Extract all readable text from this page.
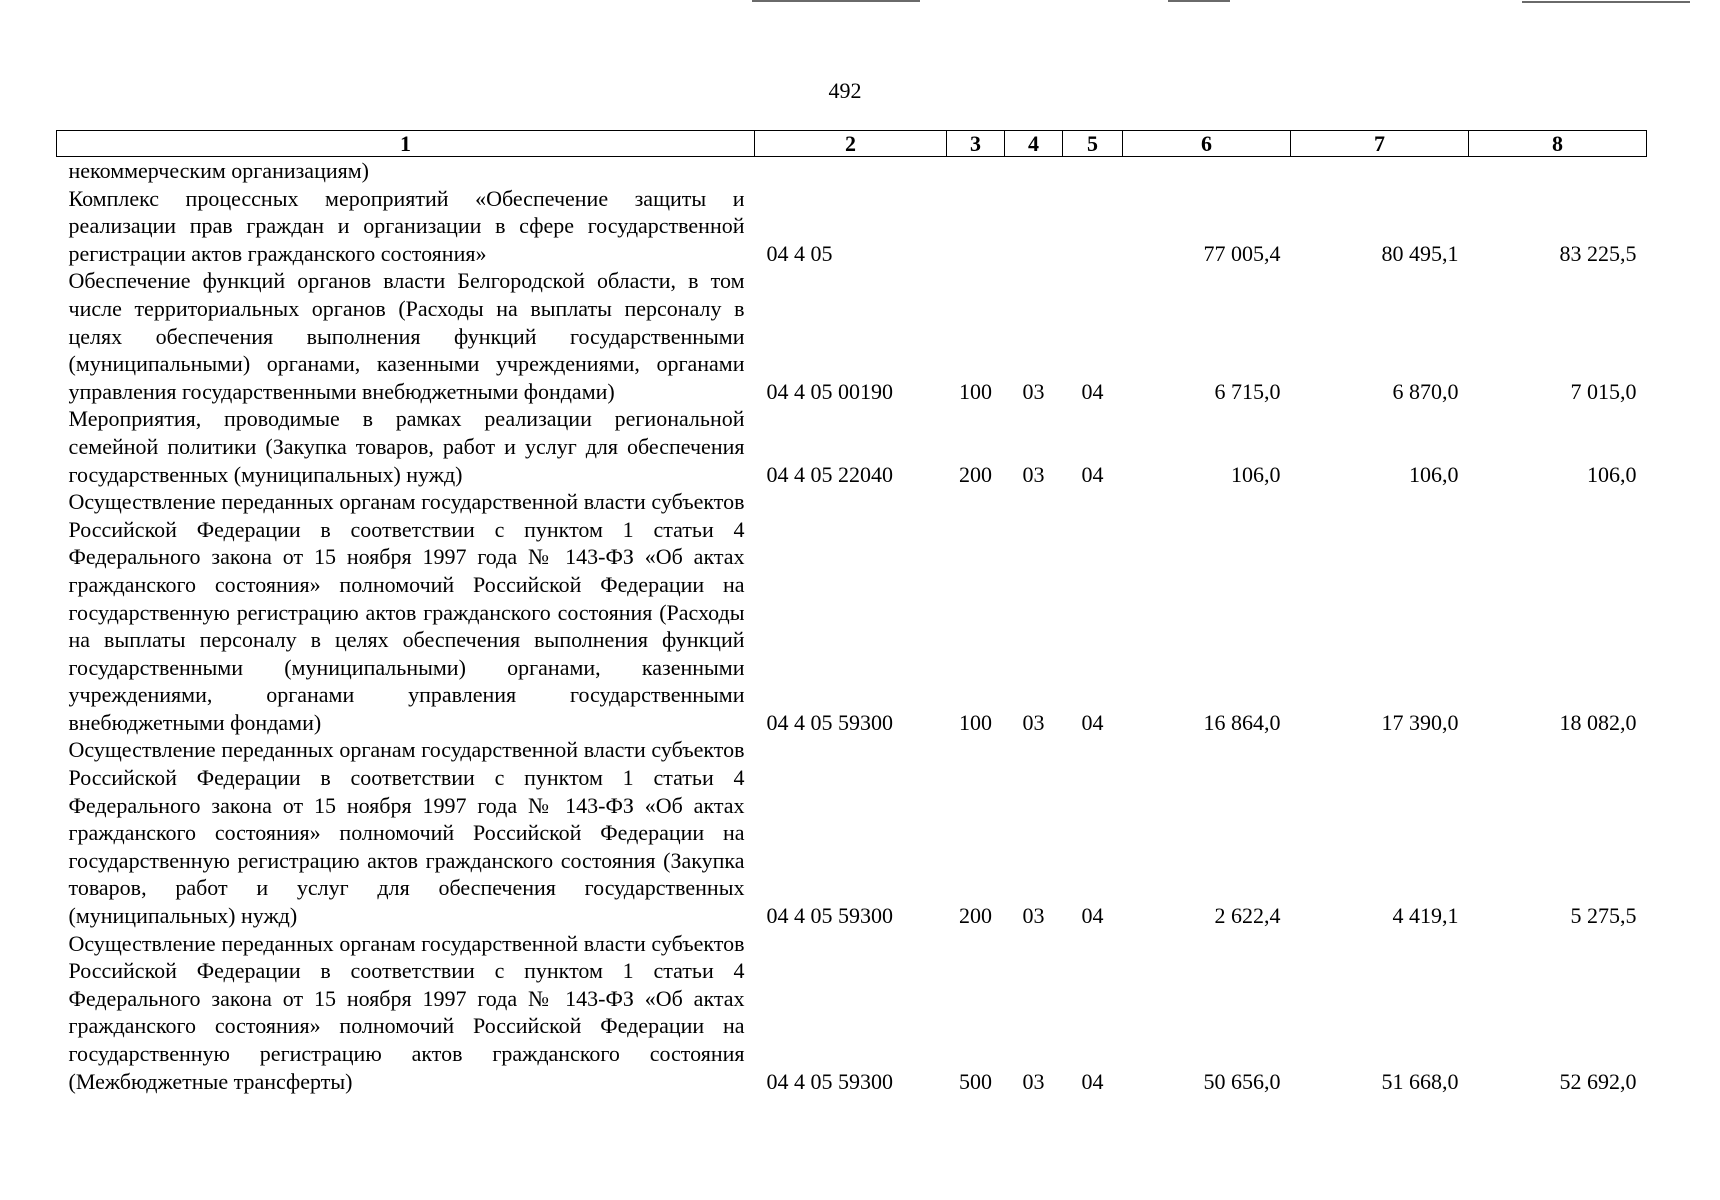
492
1	2	3	4	5	6	7	8
некоммерческим организациям)							
Комплекс процессных мероприятий «Обеспечение защиты и реализации прав граждан и организации в сфере государственной регистрации актов гражданского состояния»	04 4 05				77 005,4	80 495,1	83 225,5
Обеспечение функций органов власти Белгородской области, в том числе территориальных органов (Расходы на выплаты персоналу в целях обеспечения выполнения функций государственными (муниципальными) органами, казенными учреждениями, органами управления государственными внебюджетными фондами)	04 4 05 00190	100	03	04	6 715,0	6 870,0	7 015,0
Мероприятия, проводимые в рамках реализации региональной семейной политики (Закупка товаров, работ и услуг для обеспечения государственных (муниципальных) нужд)	04 4 05 22040	200	03	04	106,0	106,0	106,0
Осуществление переданных органам государственной власти субъектов Российской Федерации в соответствии с пунктом 1 статьи 4 Федерального закона от 15 ноября 1997 года № 143-ФЗ «Об актах гражданского состояния» полномочий Российской Федерации на государственную регистрацию актов гражданского состояния (Расходы на выплаты персоналу в целях обеспечения выполнения функций государственными (муниципальными) органами, казенными учреждениями, органами управления государственными внебюджетными фондами)	04 4 05 59300	100	03	04	16 864,0	17 390,0	18 082,0
Осуществление переданных органам государственной власти субъектов Российской Федерации в соответствии с пунктом 1 статьи 4 Федерального закона от 15 ноября 1997 года № 143-ФЗ «Об актах гражданского состояния» полномочий Российской Федерации на государственную регистрацию актов гражданского состояния (Закупка товаров, работ и услуг для обеспечения государственных (муниципальных) нужд)	04 4 05 59300	200	03	04	2 622,4	4 419,1	5 275,5
Осуществление переданных органам государственной власти субъектов Российской Федерации в соответствии с пунктом 1 статьи 4 Федерального закона от 15 ноября 1997 года № 143-ФЗ «Об актах гражданского состояния» полномочий Российской Федерации на государственную регистрацию актов гражданского состояния (Межбюджетные трансферты)	04 4 05 59300	500	03	04	50 656,0	51 668,0	52 692,0
